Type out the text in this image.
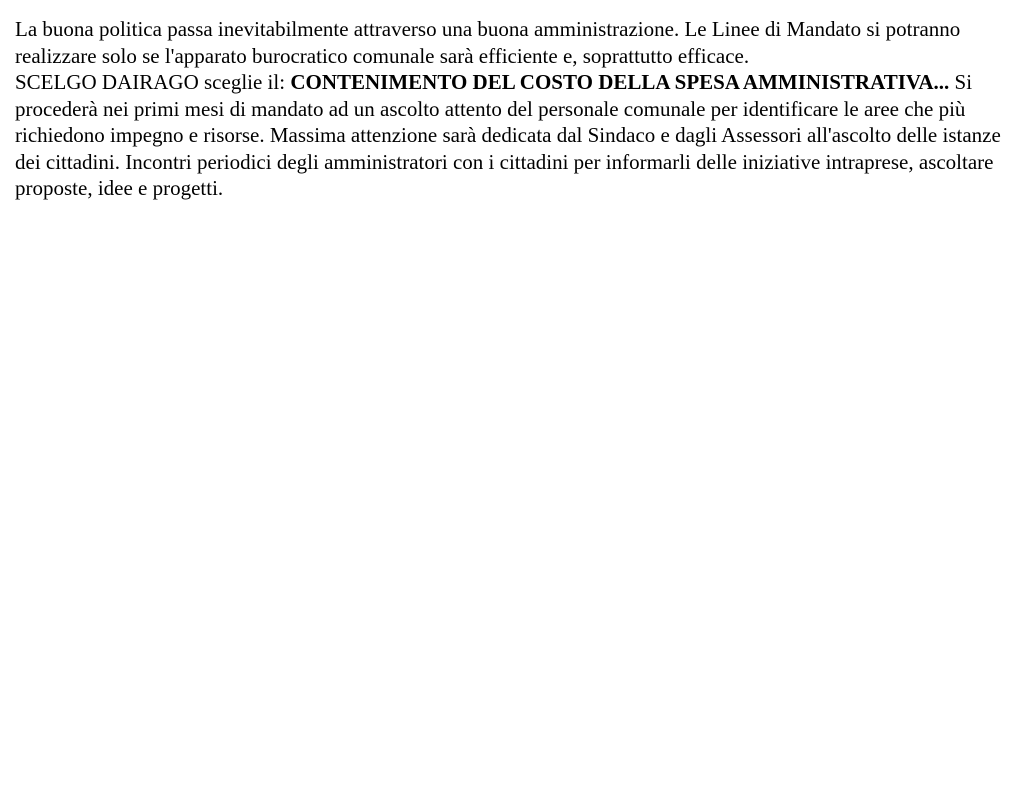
La buona politica passa inevitabilmente attraverso una buona amministrazione. Le Linee di Mandato si potranno realizzare solo se l'apparato burocratico comunale sarà efficiente e, soprattutto efficace.
SCELGO DAIRAGO sceglie il: CONTENIMENTO DEL COSTO DELLA SPESA AMMINISTRATIVA... Si procederà nei primi mesi di mandato ad un ascolto attento del personale comunale per identificare le aree che più richiedono impegno e risorse. Massima attenzione sarà dedicata dal Sindaco e dagli Assessori all'ascolto delle istanze dei cittadini. Incontri periodici degli amministratori con i cittadini per informarli delle iniziative intraprese, ascoltare proposte, idee e progetti.
